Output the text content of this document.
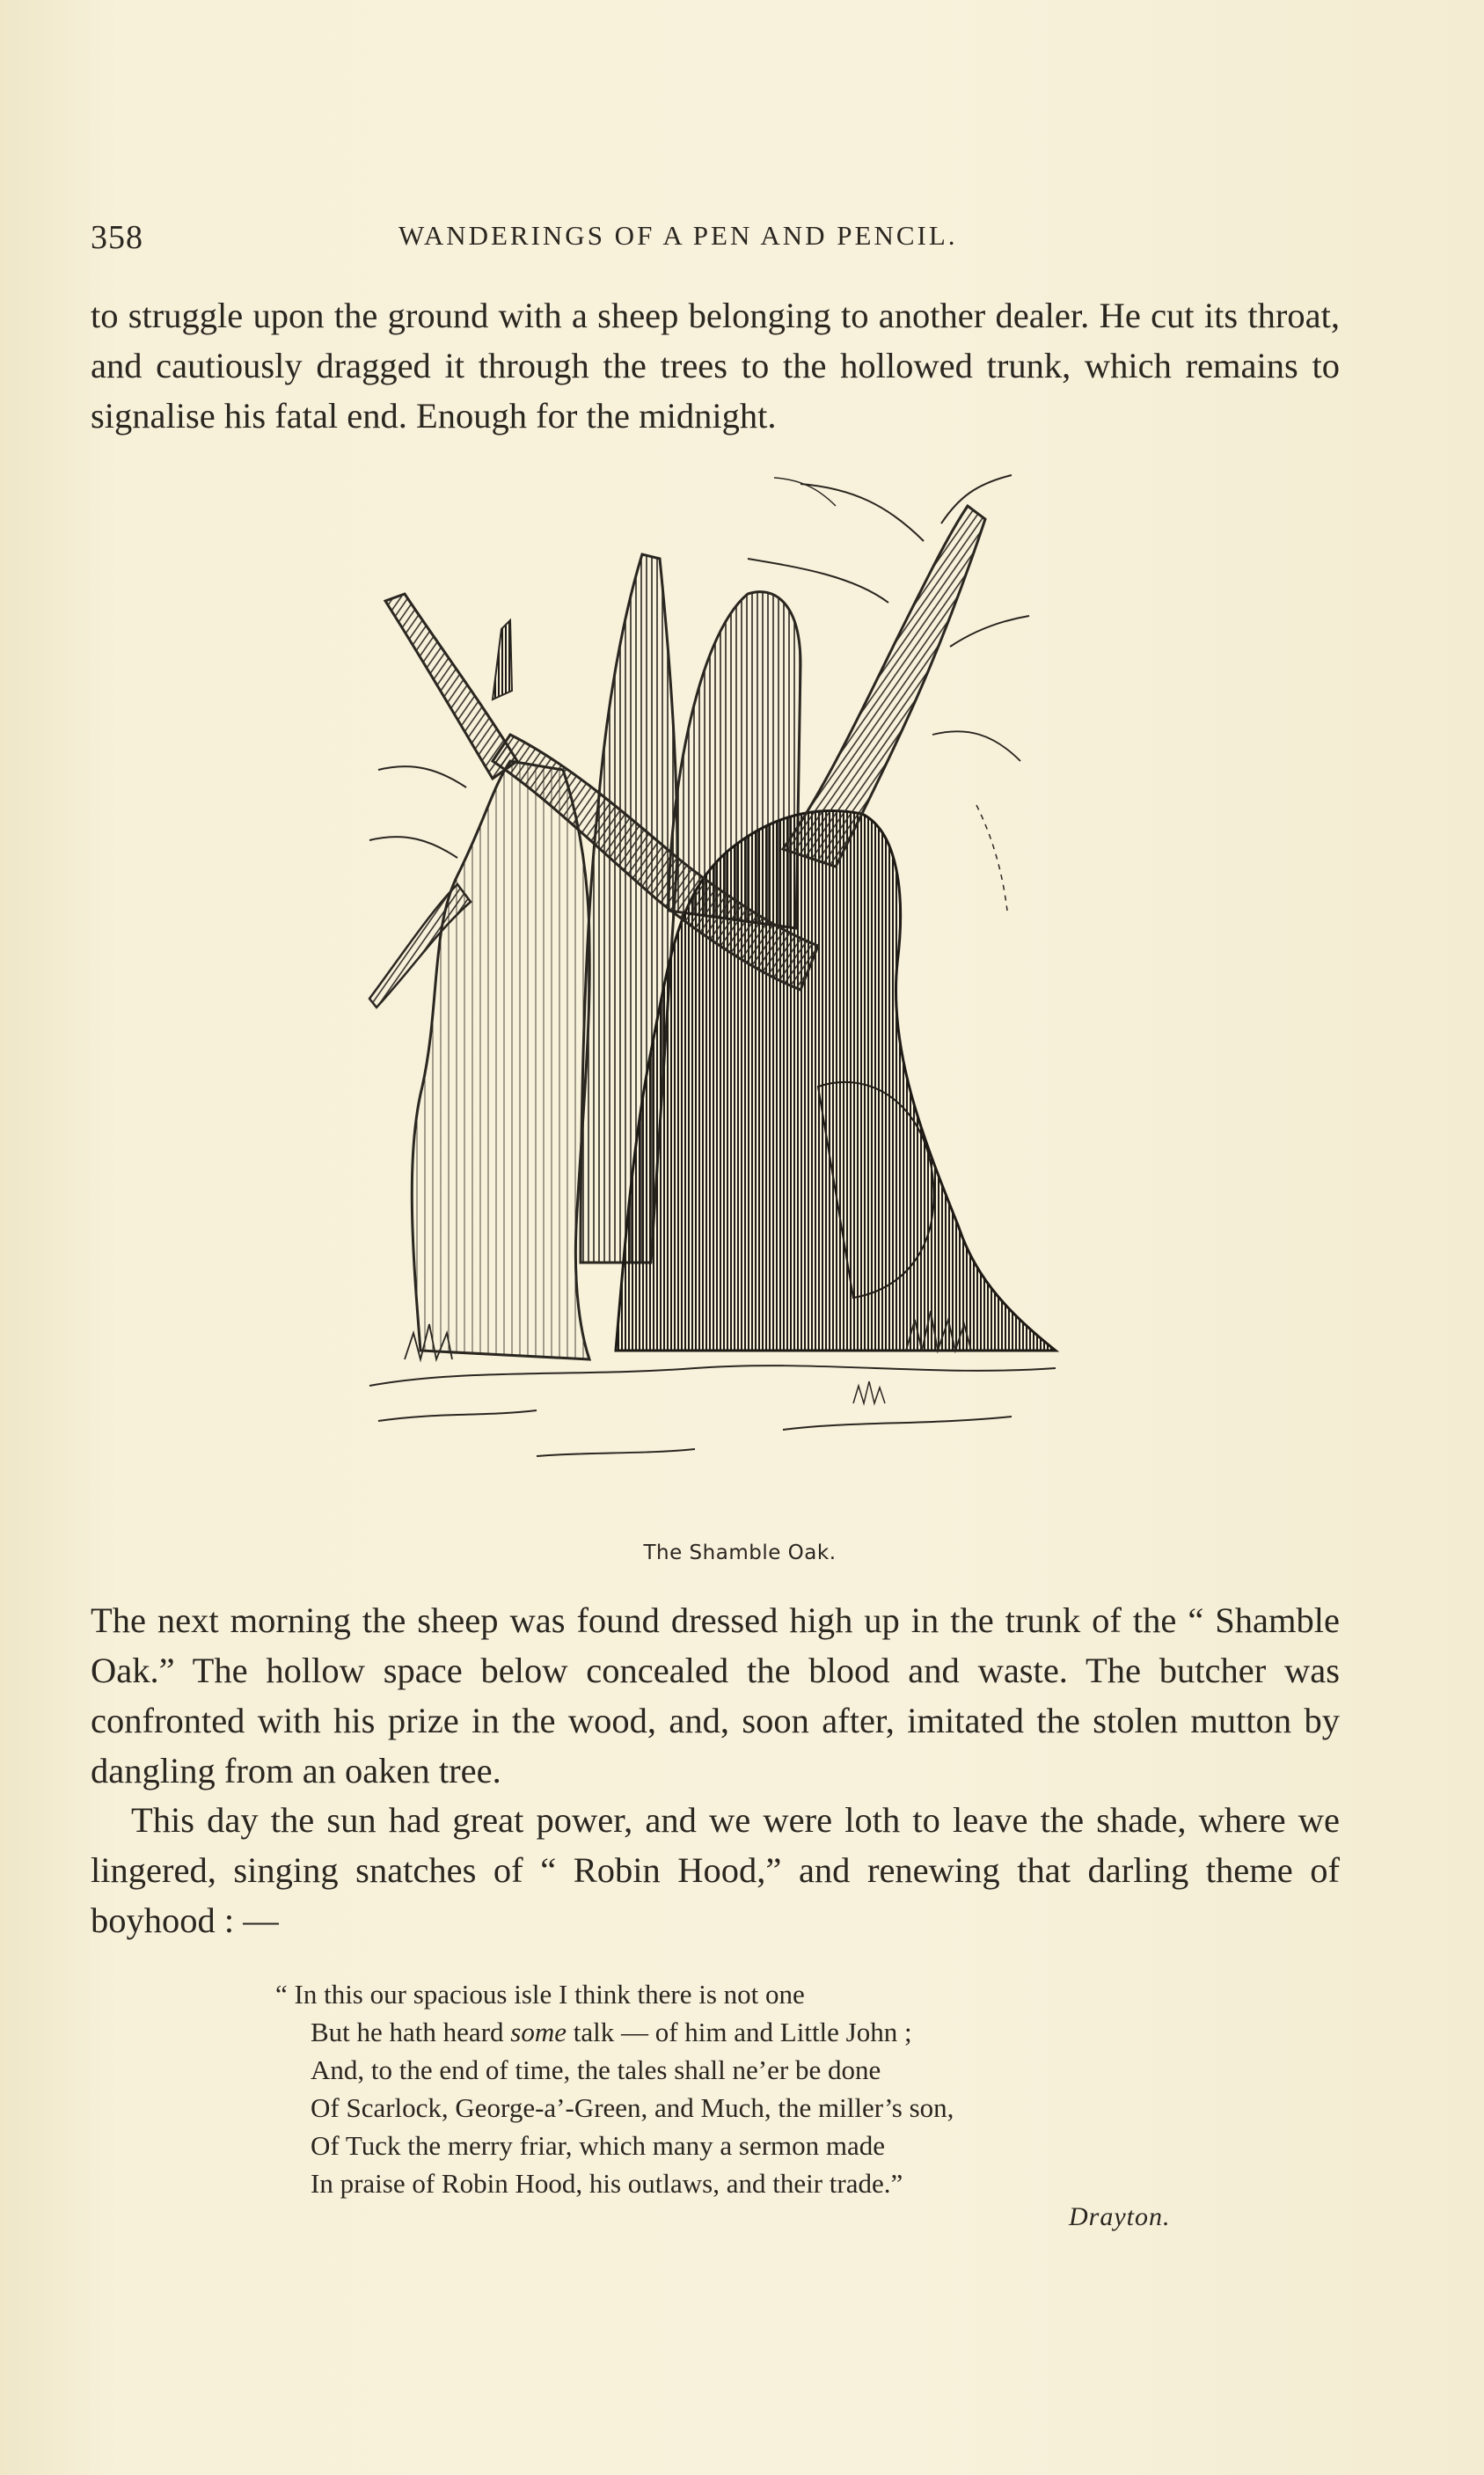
358	WANDERINGS OF A PEN AND PENCIL.

to struggle upon the ground with a sheep belonging to another dealer. He cut its throat, and cautiously dragged it through the trees to the hollowed trunk, which remains to signalise his fatal end. Enough for the midnight.

The Shamble Oak.

The next morning the sheep was found dressed high up in the trunk of the “ Shamble Oak.” The hollow space below concealed the blood and waste. The butcher was confronted with his prize in the wood, and, soon after, imitated the stolen mutton by dangling from an oaken tree.

This day the sun had great power, and we were loth to leave the shade, where we lingered, singing snatches of “ Robin Hood,” and renewing that darling theme of boyhood : —

“ In this our spacious isle I think there is not one
But he hath heard some talk — of him and Little John ;
And, to the end of time, the tales shall ne’er be done
Of Scarlock, George-a’-Green, and Much, the miller’s son,
Of Tuck the merry friar, which many a sermon made
In praise of Robin Hood, his outlaws, and their trade.”
Drayton.
